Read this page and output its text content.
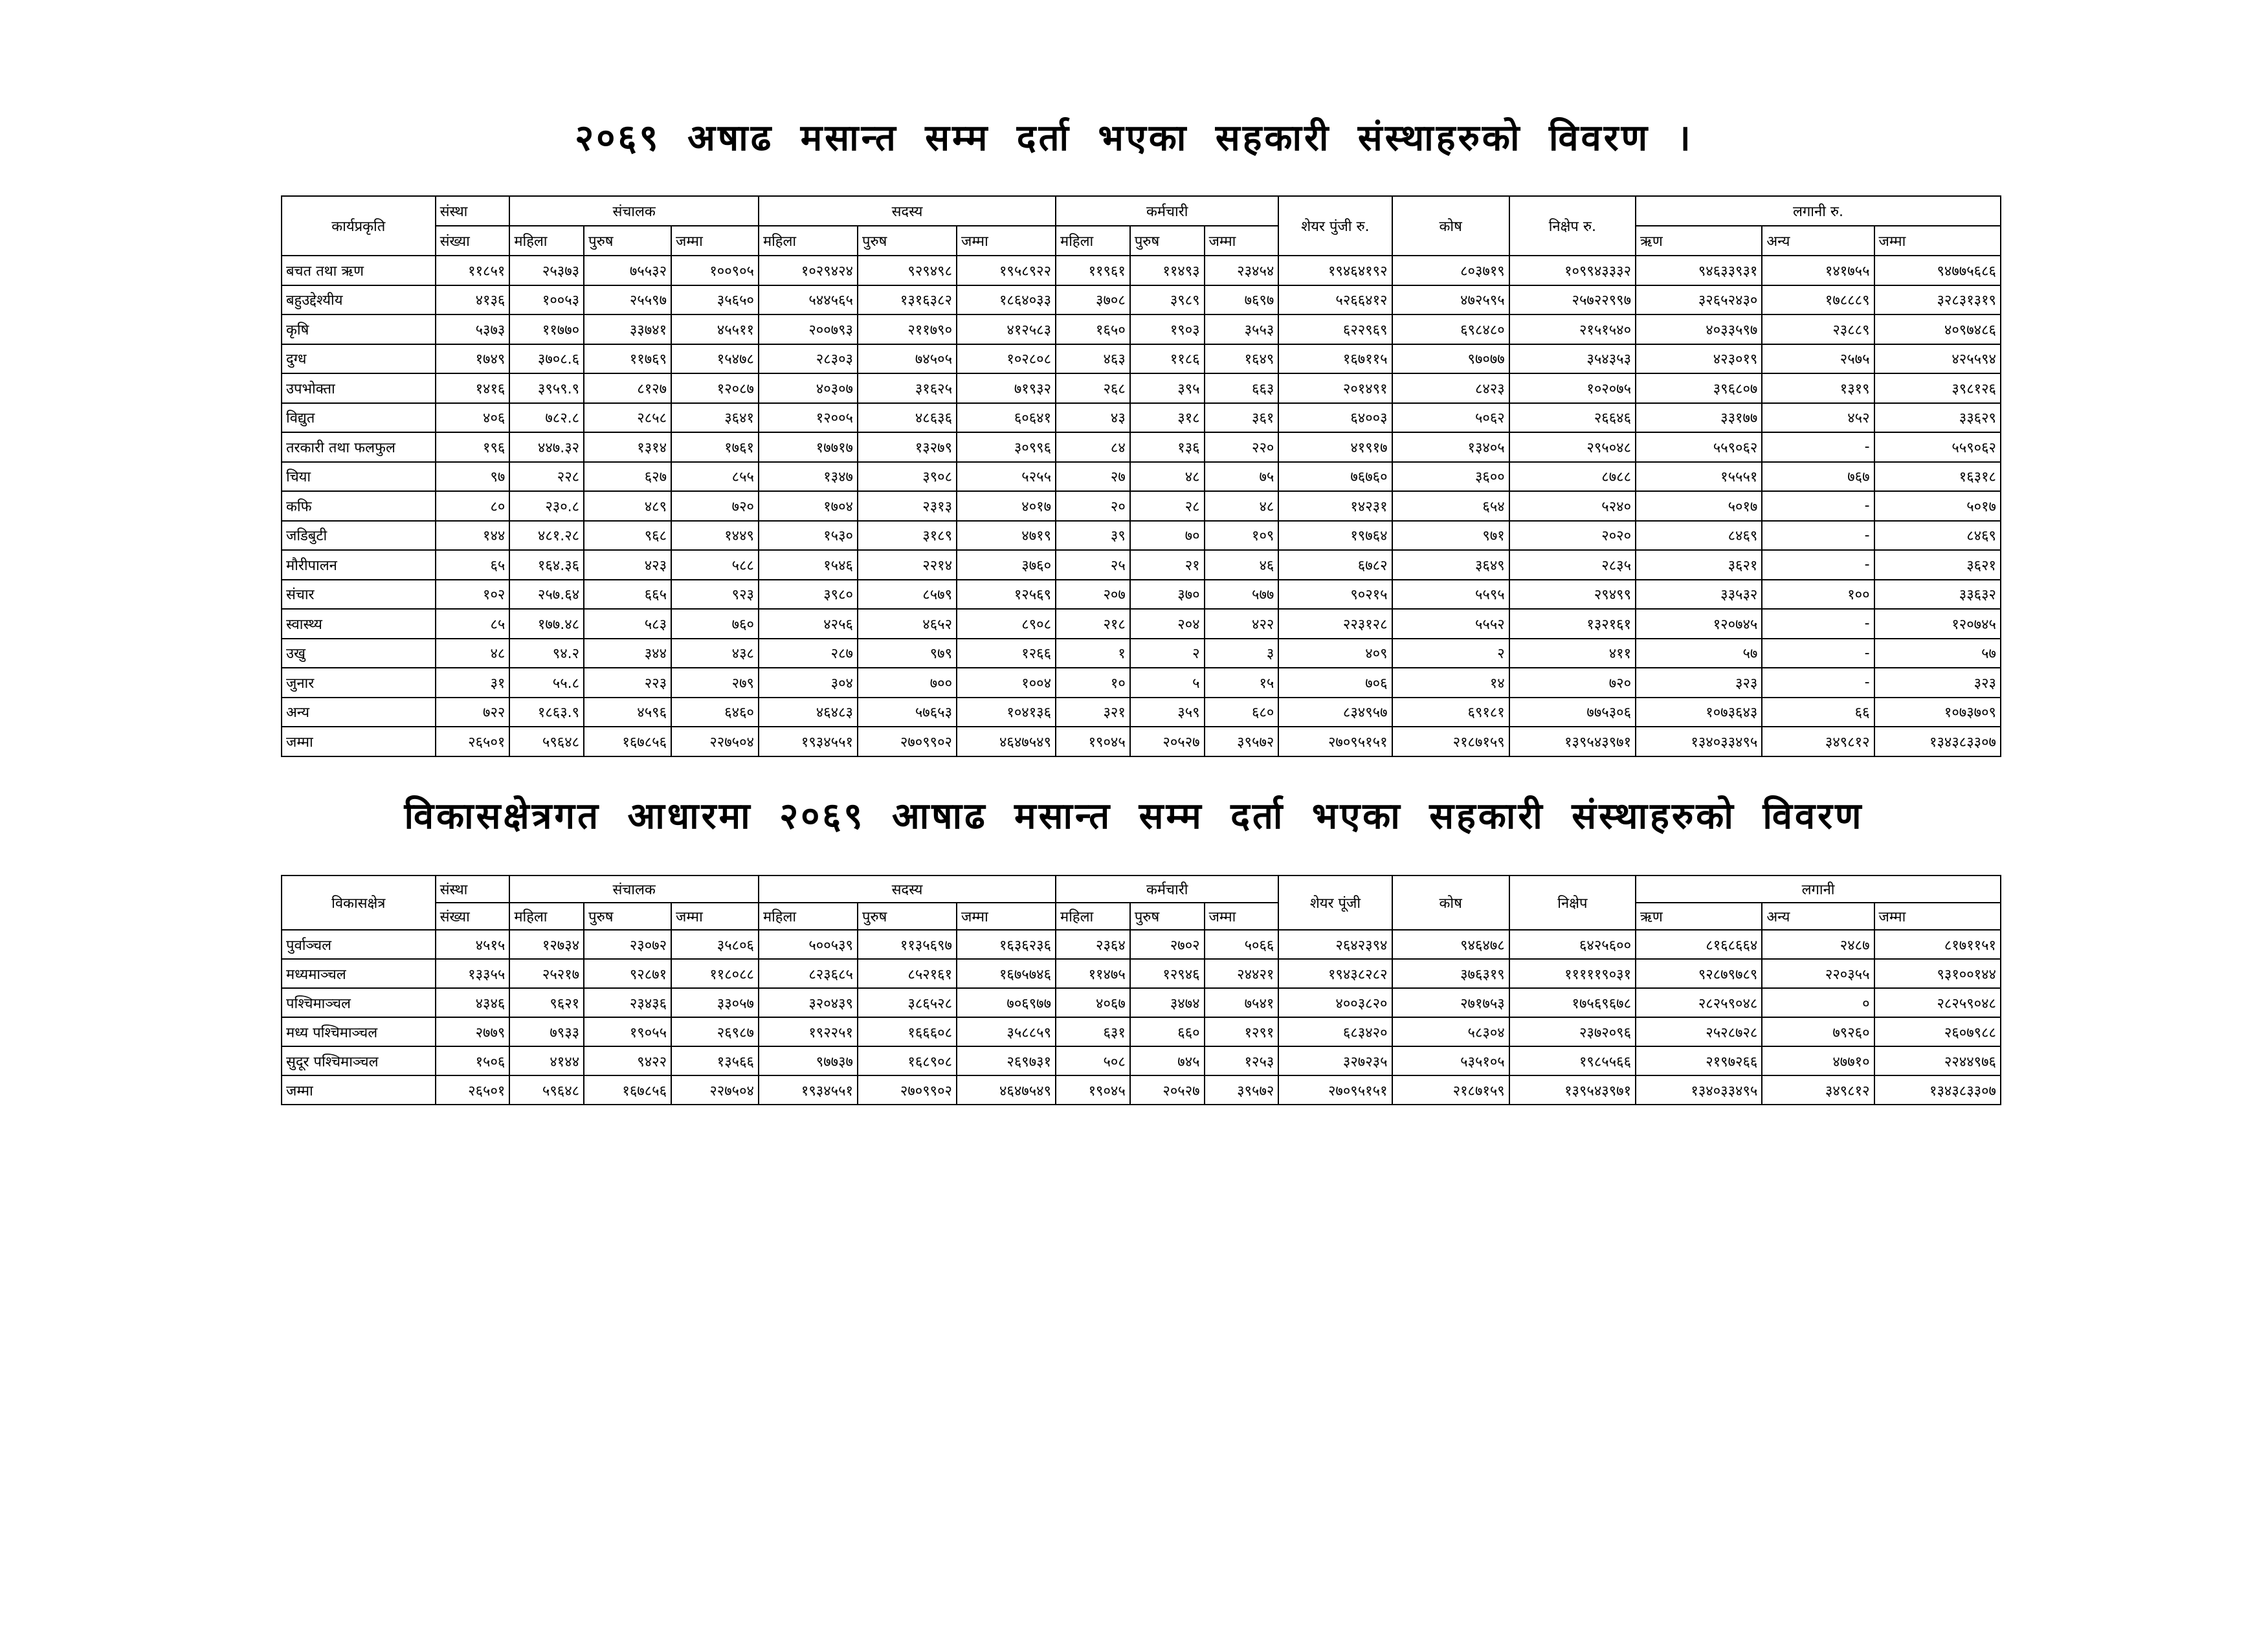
२०६९ अषाढ मसान्त सम्म दर्ता भएका सहकारी संस्थाहरुको विवरण ।
कार्यप्रकृति	संस्था	संचालक			सदस्य			कर्मचारी			शेयर पुंजी रु.	कोष	निक्षेप रु.	लगानी रु.		
	संख्या	महिला	पुरुष	जम्मा	महिला	पुरुष	जम्मा	महिला	पुरुष	जम्मा				ऋण	अन्य	जम्मा
बचत तथा ऋण	११८५१	२५३७३	७५५३२	१००९०५	१०२९४२४	९२९४९८	१९५८९२२	११९६१	११४९३	२३४५४	१९४६४१९२	८०३७१९	१०९९४३३३२	९४६३३९३१	१४१७५५	९४७७५६८६
बहुउद्देश्यीय	४१३६	१००५३	२५५९७	३५६५०	५४४५६५	१३१६३८२	१८६४०३३	३७०८	३९८९	७६९७	५२६६४१२	४७२५९५	२५७२२९९७	३२६५२४३०	१७८८८९	३२८३१३१९
कृषि	५३७३	११७७०	३३७४१	४५५११	२००७९३	२११७९०	४१२५८३	१६५०	१९०३	३५५३	६२२९६९	६९८४८०	२१५१५४०	४०३३५९७	२३८८९	४०९७४८६
दुग्ध	१७४९	३७०८.६	११७६९	१५४७८	२८३०३	७४५०५	१०२८०८	४६३	११८६	१६४९	१६७११५	९७०७७	३५४३५३	४२३०१९	२५७५	४२५५९४
उपभोक्ता	१४१६	३९५९.९	८१२७	१२०८७	४०३०७	३१६२५	७१९३२	२६८	३९५	६६३	२०१४९१	८४२३	१०२०७५	३९६८०७	१३१९	३९८१२६
विद्युत	४०६	७८२.८	२८५८	३६४१	१२००५	४८६३६	६०६४१	४३	३१८	३६१	६४००३	५०६२	२६६४६	३३१७७	४५२	३३६२९
तरकारी तथा फलफुल	१९६	४४७.३२	१३१४	१७६१	१७७१७	१३२७९	३०९९६	८४	१३६	२२०	४१९१७	१३४०५	२९५०४८	५५९०६२	-	५५९०६२
चिया	९७	२२८	६२७	८५५	१३४७	३९०८	५२५५	२७	४८	७५	७६७६०	३६००	८७८८	१५५५१	७६७	१६३१८
कफि	८०	२३०.८	४८९	७२०	१७०४	२३१३	४०१७	२०	२८	४८	१४२३१	६५४	५२४०	५०१७	-	५०१७
जडिबुटी	१४४	४८१.२८	९६८	१४४९	१५३०	३१८९	४७१९	३९	७०	१०९	१९७६४	९७१	२०२०	८४६९	-	८४६९
मौरीपालन	६५	१६४.३६	४२३	५८८	१५४६	२२१४	३७६०	२५	२१	४६	६७८२	३६४९	२८३५	३६२१	-	३६२१
संचार	१०२	२५७.६४	६६५	९२३	३९८०	८५७९	१२५६९	२०७	३७०	५७७	९०२१५	५५९५	२९४९९	३३५३२	१००	३३६३२
स्वास्थ्य	८५	१७७.४८	५८३	७६०	४२५६	४६५२	८९०८	२१८	२०४	४२२	२२३१२८	५५५२	१३२१६१	१२०७४५	-	१२०७४५
उखु	४८	९४.२	३४४	४३८	२८७	९७९	१२६६	१	२	३	४०९	२	४११	५७	-	५७
जुनार	३१	५५.८	२२३	२७९	३०४	७००	१००४	१०	५	१५	७०६	१४	७२०	३२३	-	३२३
अन्य	७२२	१८६३.९	४५९६	६४६०	४६४८३	५७६५३	१०४१३६	३२१	३५९	६८०	८३४९५७	६९१८१	७७५३०६	१०७३६४३	६६	१०७३७०९
जम्मा	२६५०१	५९६४८	१६७८५६	२२७५०४	१९३४५५१	२७०९९०२	४६४७५४९	१९०४५	२०५२७	३९५७२	२७०९५१५१	२१८७१५९	१३९५४३९७१	१३४०३३४९५	३४९८१२	१३४३८३३०७
विकासक्षेत्रगत आधारमा २०६९ आषाढ मसान्त सम्म दर्ता भएका सहकारी संस्थाहरुको विवरण
विकासक्षेत्र	संस्था	संचालक			सदस्य			कर्मचारी			शेयर पूंजी	कोष	निक्षेप	लगानी		
	संख्या	महिला	पुरुष	जम्मा	महिला	पुरुष	जम्मा	महिला	पुरुष	जम्मा				ऋण	अन्य	जम्मा
पुर्वाञ्चल	४५१५	१२७३४	२३०७२	३५८०६	५००५३९	११३५६९७	१६३६२३६	२३६४	२७०२	५०६६	२६४२३९४	९४६४७८	६४२५६००	८१६८६६४	२४८७	८१७११५१
मध्यमाञ्चल	१३३५५	२५२१७	९२८७१	११८०८८	८२३६८५	८५२१६१	१६७५७४६	११४७५	१२९४६	२४४२१	१९४३८२८२	३७६३१९	१११११९०३१	९२८७९७८९	२२०३५५	९३१००१४४
पश्चिमाञ्चल	४३४६	९६२१	२३४३६	३३०५७	३२०४३९	३८६५२८	७०६९७७	४०६७	३४७४	७५४१	४००३८२०	२७१७५३	१७५६९६७८	२८२५९०४८	०	२८२५९०४८
मध्य पश्चिमाञ्चल	२७७९	७९३३	१९०५५	२६९८७	१९२२५१	१६६६०८	३५८८५९	६३१	६६०	१२९१	६८३४२०	५८३०४	२३७२०९६	२५२८७२८	७९२६०	२६०७९८८
सुदूर पश्चिमाञ्चल	१५०६	४१४४	९४२२	१३५६६	९७७३७	१६८९०८	२६९७३१	५०८	७४५	१२५३	३२७२३५	५३५१०५	१९८५५६६	२१९७२६६	४७७१०	२२४४९७६
जम्मा	२६५०१	५९६४८	१६७८५६	२२७५०४	१९३४५५१	२७०९९०२	४६४७५४९	१९०४५	२०५२७	३९५७२	२७०९५१५१	२१८७१५९	१३९५४३९७१	१३४०३३४९५	३४९८१२	१३४३८३३०७
